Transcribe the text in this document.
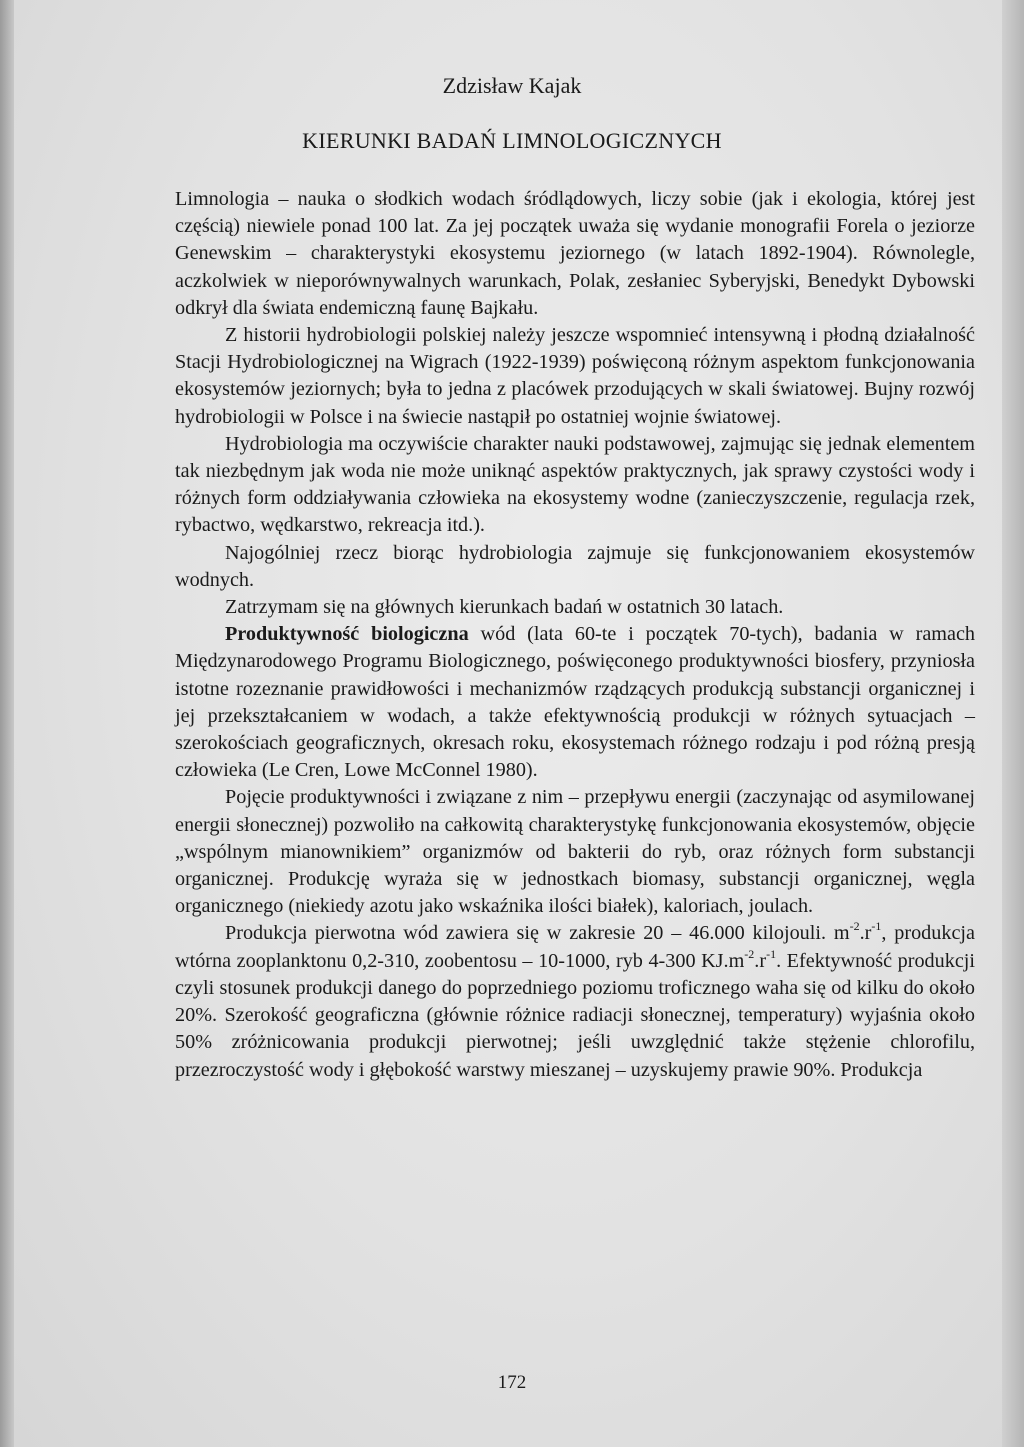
Zdzisław Kajak
KIERUNKI BADAŃ LIMNOLOGICZNYCH

Limnologia – nauka o słodkich wodach śródlądowych, liczy sobie (jak i ekologia, której jest częścią) niewiele ponad 100 lat. Za jej początek uważa się wydanie monografii Forela o jeziorze Genewskim – charakterystyki ekosystemu jeziornego (w latach 1892-1904). Równolegle, aczkolwiek w nieporównywalnych warunkach, Polak, zesłaniec Syberyjski, Benedykt Dybowski odkrył dla świata endemiczną faunę Bajkału.

Z historii hydrobiologii polskiej należy jeszcze wspomnieć intensywną i płodną działalność Stacji Hydrobiologicznej na Wigrach (1922-1939) poświęconą różnym aspektom funkcjonowania ekosystemów jeziornych; była to jedna z placówek przodujących w skali światowej. Bujny rozwój hydrobiologii w Polsce i na świecie nastąpił po ostatniej wojnie światowej.

Hydrobiologia ma oczywiście charakter nauki podstawowej, zajmując się jednak elementem tak niezbędnym jak woda nie może uniknąć aspektów praktycznych, jak sprawy czystości wody i różnych form oddziaływania człowieka na ekosystemy wodne (zanieczyszczenie, regulacja rzek, rybactwo, wędkarstwo, rekreacja itd.).

Najogólniej rzecz biorąc hydrobiologia zajmuje się funkcjonowaniem ekosystemów wodnych.

Zatrzymam się na głównych kierunkach badań w ostatnich 30 latach.

Produktywność biologiczna wód (lata 60-te i początek 70-tych), badania w ramach Międzynarodowego Programu Biologicznego, poświęconego produktywności biosfery, przyniosła istotne rozeznanie prawidłowości i mechanizmów rządzących produkcją substancji organicznej i jej przekształcaniem w wodach, a także efektywnością produkcji w różnych sytuacjach – szerokościach geograficznych, okresach roku, ekosystemach różnego rodzaju i pod różną presją człowieka (Le Cren, Lowe McConnel 1980).

Pojęcie produktywności i związane z nim – przepływu energii (zaczynając od asymilowanej energii słonecznej) pozwoliło na całkowitą charakterystykę funkcjonowania ekosystemów, objęcie „wspólnym mianownikiem” organizmów od bakterii do ryb, oraz różnych form substancji organicznej. Produkcję wyraża się w jednostkach biomasy, substancji organicznej, węgla organicznego (niekiedy azotu jako wskaźnika ilości białek), kaloriach, joulach.

Produkcja pierwotna wód zawiera się w zakresie 20 – 46.000 kilojouli. $m^{-2}.r^{-1}$, produkcja wtórna zooplanktonu 0,2-310, zoobentosu – 10-1000, ryb 4-300 $KJ.m^{-2}.r^{-1}$. Efektywność produkcji czyli stosunek produkcji danego do poprzedniego poziomu troficznego waha się od kilku do około 20%. Szerokość geograficzna (głównie różnice radiacji słonecznej, temperatury) wyjaśnia około 50% zróżnicowania produkcji pierwotnej; jeśli uwzględnić także stężenie chlorofilu, przezroczystość wody i głębokość warstwy mieszanej – uzyskujemy prawie 90%. Produkcja

172
